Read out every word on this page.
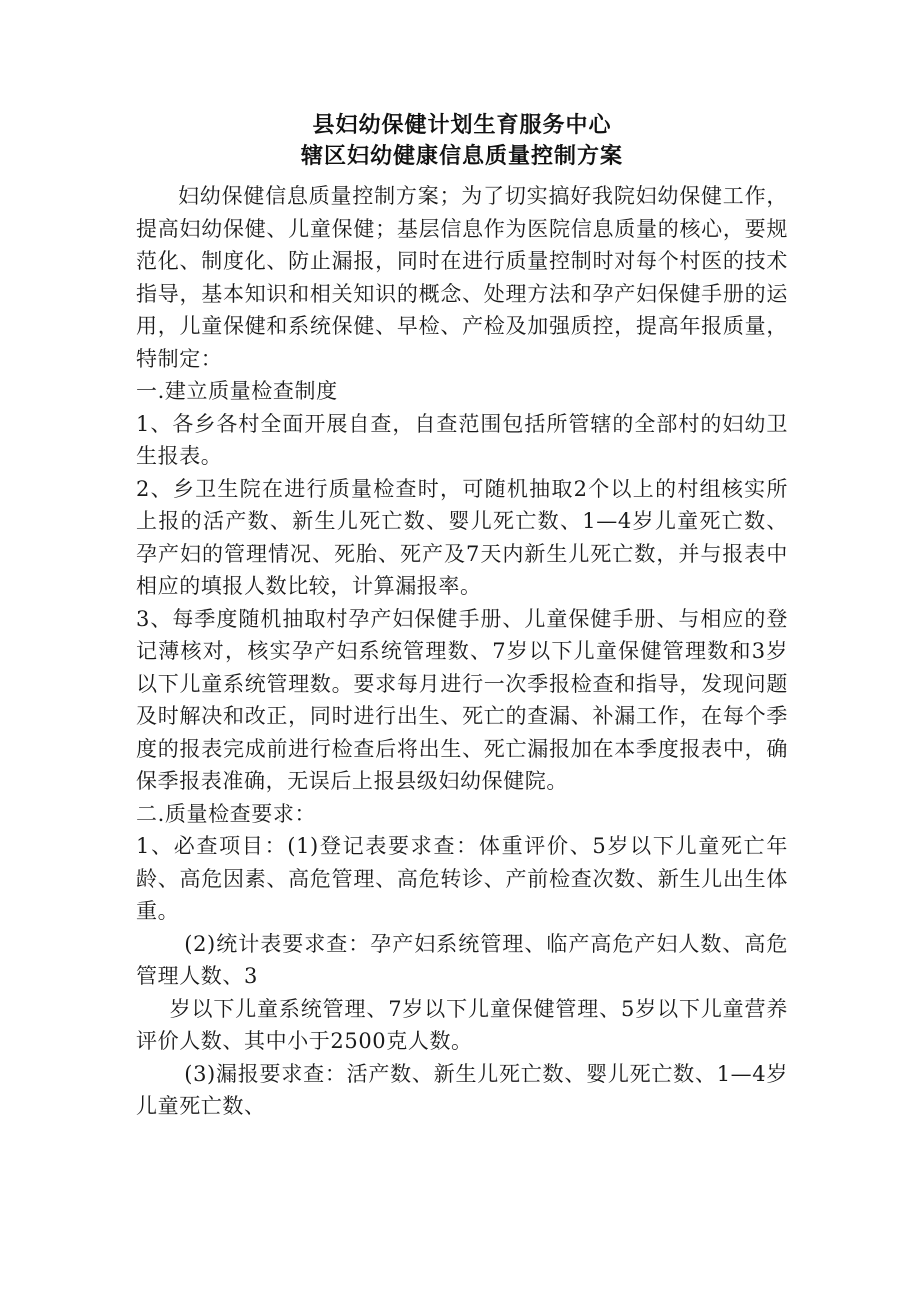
县妇幼保健计划生育服务中心
辖区妇幼健康信息质量控制方案

妇幼保健信息质量控制方案；为了切实搞好我院妇幼保健工作，提高妇幼保健、儿童保健；基层信息作为医院信息质量的核心，要规范化、制度化、防止漏报，同时在进行质量控制时对每个村医的技术指导，基本知识和相关知识的概念、处理方法和孕产妇保健手册的运用，儿童保健和系统保健、早检、产检及加强质控，提高年报质量，特制定：

一.建立质量检查制度

1、各乡各村全面开展自查，自查范围包括所管辖的全部村的妇幼卫生报表。

2、乡卫生院在进行质量检查时，可随机抽取2个以上的村组核实所上报的活产数、新生儿死亡数、婴儿死亡数、1—4岁儿童死亡数、孕产妇的管理情况、死胎、死产及7天内新生儿死亡数，并与报表中相应的填报人数比较，计算漏报率。

3、每季度随机抽取村孕产妇保健手册、儿童保健手册、与相应的登记薄核对，核实孕产妇系统管理数、7岁以下儿童保健管理数和3岁以下儿童系统管理数。要求每月进行一次季报检查和指导，发现问题及时解决和改正，同时进行出生、死亡的查漏、补漏工作，在每个季度的报表完成前进行检查后将出生、死亡漏报加在本季度报表中，确保季报表准确，无误后上报县级妇幼保健院。

二.质量检查要求：

1、必查项目：(1)登记表要求查：体重评价、5岁以下儿童死亡年龄、高危因素、高危管理、高危转诊、产前检查次数、新生儿出生体重。

(2)统计表要求查：孕产妇系统管理、临产高危产妇人数、高危管理人数、3

岁以下儿童系统管理、7岁以下儿童保健管理、5岁以下儿童营养评价人数、其中小于2500克人数。

(3)漏报要求查：活产数、新生儿死亡数、婴儿死亡数、1—4岁儿童死亡数、
